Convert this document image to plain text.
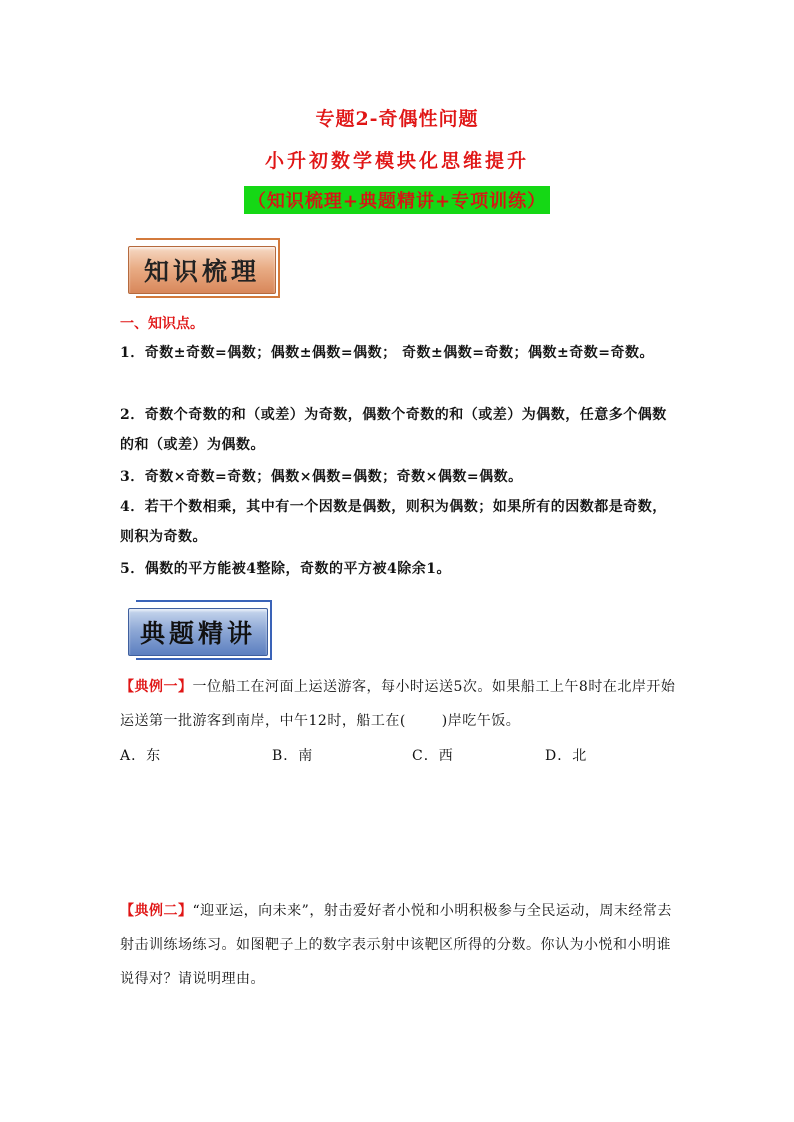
专题2-奇偶性问题
小升初数学模块化思维提升
（知识梳理+典题精讲+专项训练）
知识梳理
一、知识点。
1．奇数±奇数=偶数；偶数±偶数=偶数； 奇数±偶数=奇数；偶数±奇数=奇数。
2．奇数个奇数的和（或差）为奇数，偶数个奇数的和（或差）为偶数，任意多个偶数的和（或差）为偶数。
3．奇数×奇数=奇数；偶数×偶数=偶数；奇数×偶数=偶数。
4．若干个数相乘，其中有一个因数是偶数，则积为偶数；如果所有的因数都是奇数，则积为奇数。
5．偶数的平方能被4整除，奇数的平方被4除余1。
典题精讲
【典例一】一位船工在河面上运送游客，每小时运送5次。如果船工上午8时在北岸开始运送第一批游客到南岸，中午12时，船工在(	)岸吃午饭。
A．东	B．南	C．西	D．北
【典例二】“迎亚运，向未来”，射击爱好者小悦和小明积极参与全民运动，周末经常去射击训练场练习。如图靶子上的数字表示射中该靶区所得的分数。你认为小悦和小明谁说得对？请说明理由。
